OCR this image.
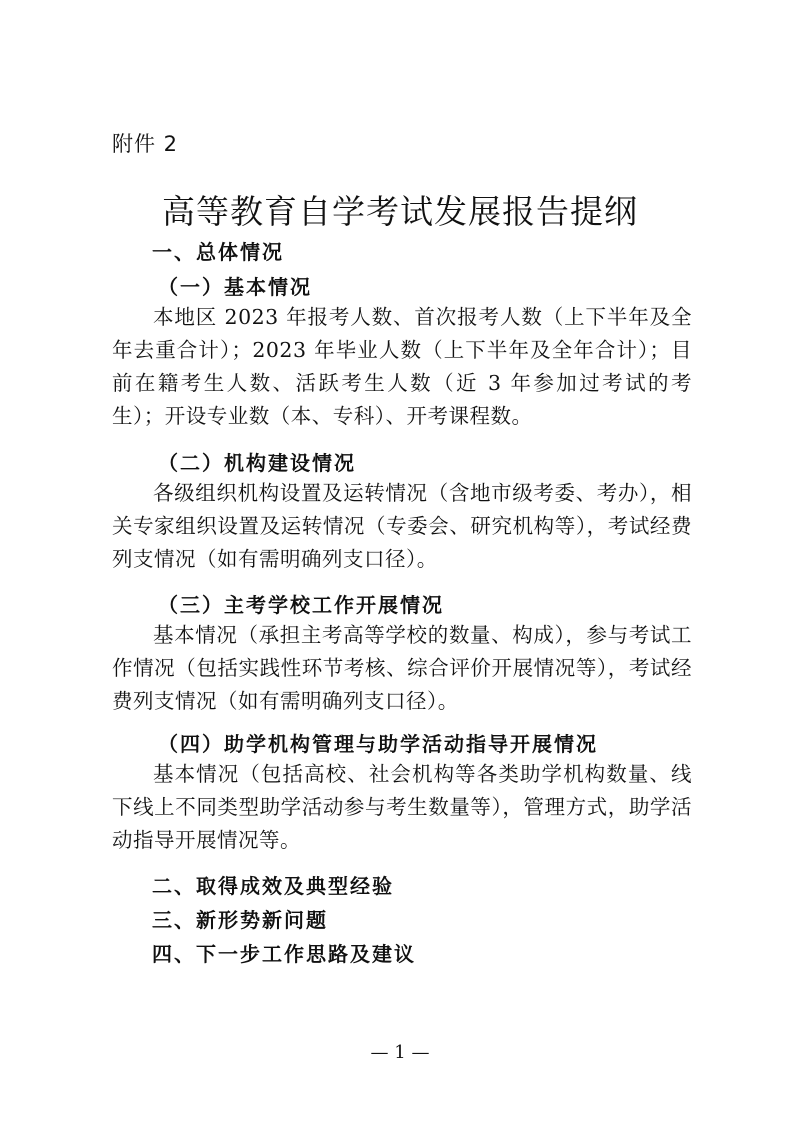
附件 2
高等教育自学考试发展报告提纲
一、总体情况
（一）基本情况
本地区 2023 年报考人数、首次报考人数（上下半年及全年去重合计）；2023 年毕业人数（上下半年及全年合计）；目前在籍考生人数、活跃考生人数（近 3 年参加过考试的考生）；开设专业数（本、专科）、开考课程数。
（二）机构建设情况
各级组织机构设置及运转情况（含地市级考委、考办），相关专家组织设置及运转情况（专委会、研究机构等），考试经费列支情况（如有需明确列支口径）。
（三）主考学校工作开展情况
基本情况（承担主考高等学校的数量、构成），参与考试工作情况（包括实践性环节考核、综合评价开展情况等），考试经费列支情况（如有需明确列支口径）。
（四）助学机构管理与助学活动指导开展情况
基本情况（包括高校、社会机构等各类助学机构数量、线下线上不同类型助学活动参与考生数量等），管理方式，助学活动指导开展情况等。
二、取得成效及典型经验
三、新形势新问题
四、下一步工作思路及建议
— 1 —
